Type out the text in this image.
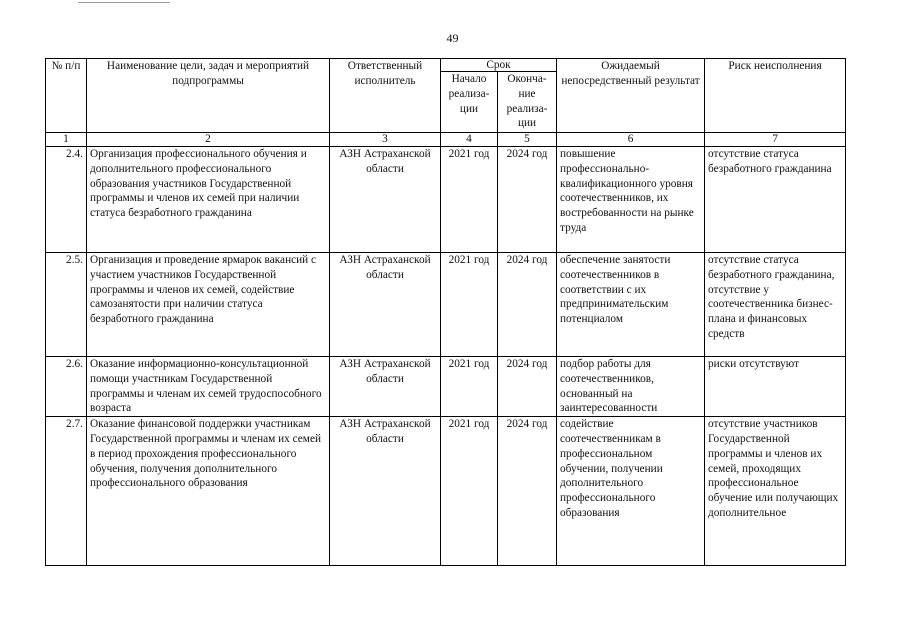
49
№ п/п	Наименование цели, задач и мероприятий подпрограммы	Ответственный исполнитель	Срок		Ожидаемый непосредственный результат	Риск неисполнения
			Начало реализа-ции	Оконча-ние реализа-ции		
1	2	3	4	5	6	7
2.4.	Организация профессионального обучения и дополнительного профессионального образования участников Государственной программы и членов их семей при наличии статуса безработного гражданина	АЗН Астраханской области	2021 год	2024 год	повышение профессионально-квалификационного уровня соотечественников, их востребованности на рынке труда	отсутствие статуса безработного гражданина
2.5.	Организация и проведение ярмарок вакансий с участием участников Государственной программы и членов их семей, содействие самозанятости при наличии статуса безработного гражданина	АЗН Астраханской области	2021 год	2024 год	обеспечение занятости соотечественников в соответствии с их предпринимательским потенциалом	отсутствие статуса безработного гражданина, отсутствие у соотечественника бизнес-плана и финансовых средств
2.6.	Оказание информационно-консультационной помощи участникам Государственной программы и членам их семей трудоспособного возраста	АЗН Астраханской области	2021 год	2024 год	подбор работы для соотечественников, основанный на заинтересованности	риски отсутствуют
2.7.	Оказание финансовой поддержки участникам Государственной программы и членам их семей в период прохождения профессионального обучения, получения дополнительного профессионального образования	АЗН Астраханской области	2021 год	2024 год	содействие соотечественникам в профессиональном обучении, получении дополнительного профессионального образования	отсутствие участников Государственной программы и членов их семей, проходящих профессиональное обучение или получающих дополнительное
